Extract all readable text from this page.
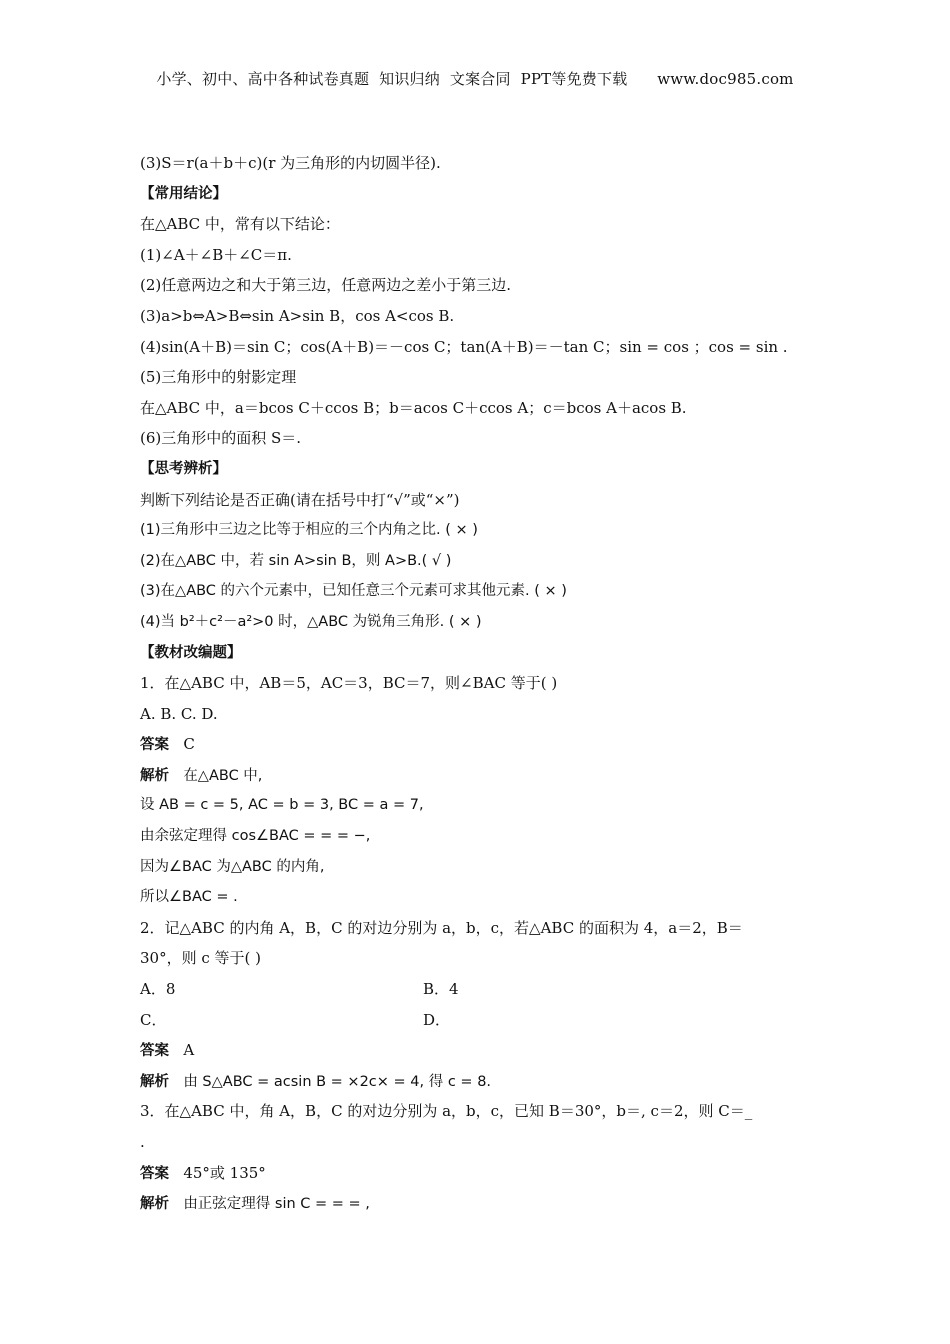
小学、初中、高中各种试卷真题  知识归纳  文案合同  PPT等免费下载      www.doc985.com
(3)S＝r(a＋b＋c)(r 为三角形的内切圆半径).
【常用结论】
在△ABC 中，常有以下结论：
(1)∠A＋∠B＋∠C＝π.
(2)任意两边之和大于第三边，任意两边之差小于第三边.
(3)a>b⇔A>B⇔sin A>sin B，cos A<cos B.
(4)sin(A＋B)＝sin C；cos(A＋B)＝－cos C；tan(A＋B)＝－tan C；sin = cos ；cos = sin .
(5)三角形中的射影定理
在△ABC 中，a＝bcos C＋ccos B；b＝acos C＋ccos A；c＝bcos A＋acos B.
(6)三角形中的面积 S＝.
【思考辨析】
判断下列结论是否正确(请在括号中打“√”或“×”)
(1)三角形中三边之比等于相应的三个内角之比. ( × )
(2)在△ABC 中，若 sin A>sin B，则 A>B.( √ )
(3)在△ABC 的六个元素中，已知任意三个元素可求其他元素. ( × )
(4)当 b²＋c²－a²>0 时，△ABC 为锐角三角形. ( × )
【教材改编题】
1．在△ABC 中，AB＝5，AC＝3，BC＝7，则∠BAC 等于( )
A. B. C. D.
答案 C
解析 在△ABC 中,
设 AB = c = 5, AC = b = 3, BC = a = 7,
由余弦定理得 cos∠BAC = = = −,
因为∠BAC 为△ABC 的内角,
所以∠BAC = .
2．记△ABC 的内角 A，B，C 的对边分别为 a，b，c，若△ABC 的面积为 4，a＝2，B＝
30°，则 c 等于( )
A．8	B．4
C．	D．
答案 A
解析 由 S△ABC = acsin B = ×2c× = 4, 得 c = 8.
3．在△ABC 中，角 A，B，C 的对边分别为 a，b，c，已知 B＝30°，b＝, c＝2，则 C＝_
.
答案 45°或 135°
解析 由正弦定理得 sin C = = = ,
